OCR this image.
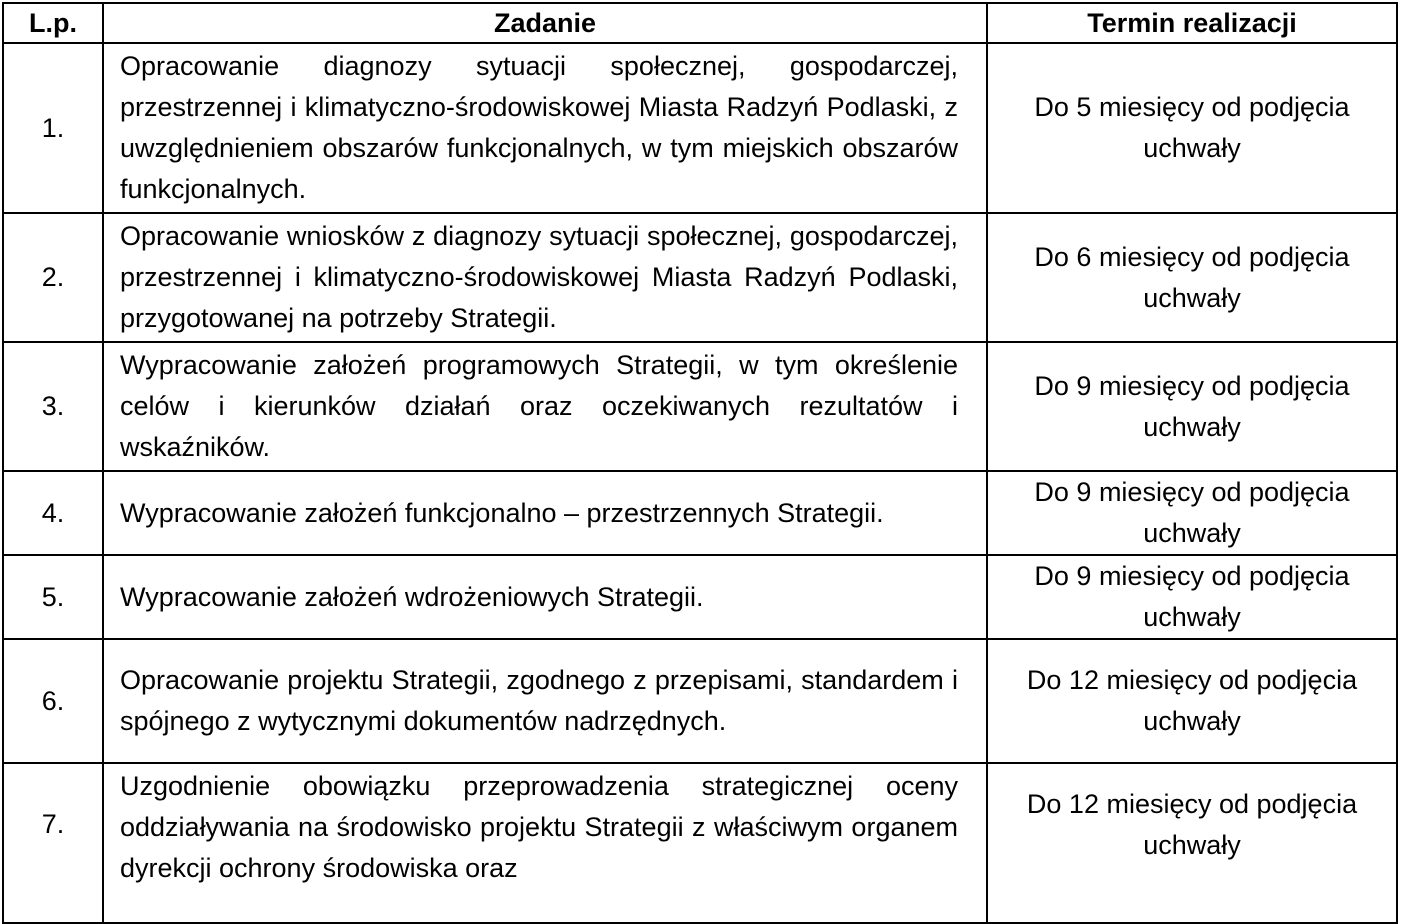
L.p.	Zadanie	Termin realizacji
1.	Opracowanie diagnozy sytuacji społecznej, gospodarczej, przestrzennej i klimatyczno-środowiskowej Miasta Radzyń Podlaski, z uwzględnieniem obszarów funkcjonalnych, w tym miejskich obszarów funkcjonalnych.	Do 5 miesięcy od podjęcia uchwały
2.	Opracowanie wniosków z diagnozy sytuacji społecznej, gospodarczej, przestrzennej i klimatyczno-środowiskowej Miasta Radzyń Podlaski, przygotowanej na potrzeby Strategii.	Do 6 miesięcy od podjęcia uchwały
3.	Wypracowanie założeń programowych Strategii, w tym określenie celów i kierunków działań oraz oczekiwanych rezultatów i wskaźników.	Do 9 miesięcy od podjęcia uchwały
4.	Wypracowanie założeń funkcjonalno – przestrzennych Strategii.	Do 9 miesięcy od podjęcia uchwały
5.	Wypracowanie założeń wdrożeniowych Strategii.	Do 9 miesięcy od podjęcia uchwały
6.	Opracowanie projektu Strategii, zgodnego z przepisami, standardem i spójnego z wytycznymi dokumentów nadrzędnych.	Do 12 miesięcy od podjęcia uchwały
7.	Uzgodnienie obowiązku przeprowadzenia strategicznej oceny oddziaływania na środowisko projektu Strategii z właściwym organem dyrekcji ochrony środowiska oraz	Do 12 miesięcy od podjęcia uchwały
